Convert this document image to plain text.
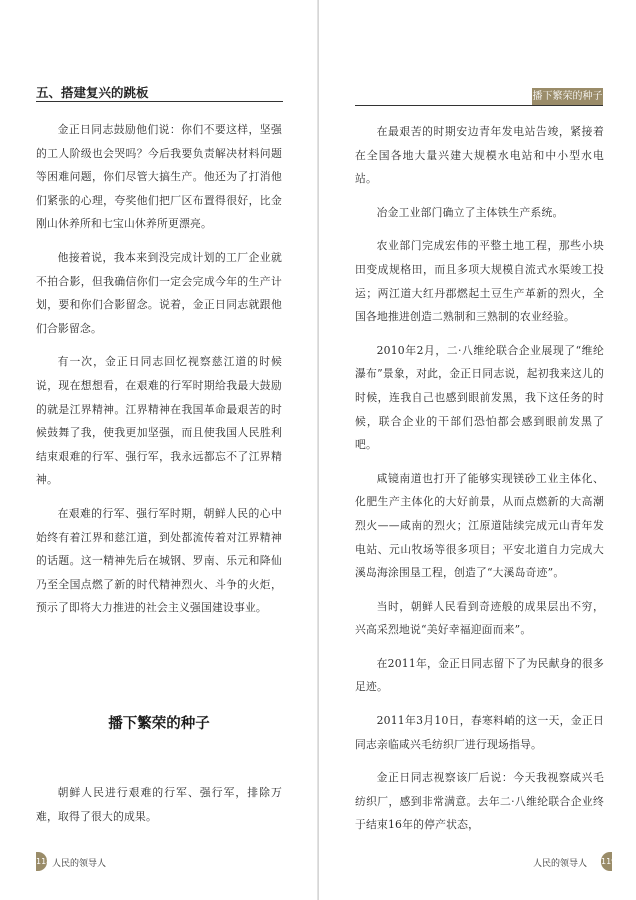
五、搭建复兴的跳板

金正日同志鼓励他们说：你们不要这样，坚强的工人阶级也会哭吗？今后我要负责解决材料问题等困难问题，你们尽管大搞生产。他还为了打消他们紧张的心理，夸奖他们把厂区布置得很好，比金刚山休养所和七宝山休养所更漂亮。

他接着说，我本来到没完成计划的工厂企业就不拍合影，但我确信你们一定会完成今年的生产计划，要和你们合影留念。说着，金正日同志就跟他们合影留念。

有一次，金正日同志回忆视察慈江道的时候说，现在想想看，在艰难的行军时期给我最大鼓励的就是江界精神。江界精神在我国革命最艰苦的时候鼓舞了我，使我更加坚强，而且使我国人民胜利结束艰难的行军、强行军，我永远都忘不了江界精神。

在艰难的行军、强行军时期，朝鲜人民的心中始终有着江界和慈江道，到处都流传着对江界精神的话题。这一精神先后在城钢、罗南、乐元和降仙乃至全国点燃了新的时代精神烈火、斗争的火炬，预示了即将大力推进的社会主义强国建设事业。

播下繁荣的种子

朝鲜人民进行艰难的行军、强行军，排除万难，取得了很大的成果。

118 人民的领导人
播下繁荣的种子

在最艰苦的时期安边青年发电站告竣，紧接着在全国各地大量兴建大规模水电站和中小型水电站。

冶金工业部门确立了主体铁生产系统。

农业部门完成宏伟的平整土地工程，那些小块田变成规格田，而且多项大规模自流式水渠竣工投运；两江道大红丹郡燃起土豆生产革新的烈火，全国各地推进创造二熟制和三熟制的农业经验。

2010年2月，二·八维纶联合企业展现了“维纶瀑布”景象，对此，金正日同志说，起初我来这儿的时候，连我自己也感到眼前发黑，我下这任务的时候，联合企业的干部们恐怕都会感到眼前发黑了吧。

咸镜南道也打开了能够实现镁砂工业主体化、化肥生产主体化的大好前景，从而点燃新的大高潮烈火——咸南的烈火；江原道陆续完成元山青年发电站、元山牧场等很多项目；平安北道自力完成大溪岛海涂围垦工程，创造了“大溪岛奇迹”。

当时，朝鲜人民看到奇迹般的成果层出不穷，兴高采烈地说“美好幸福迎面而来”。

在2011年，金正日同志留下了为民献身的很多足迹。

2011年3月10日，春寒料峭的这一天，金正日同志亲临咸兴毛纺织厂进行现场指导。

金正日同志视察该厂后说：今天我视察咸兴毛纺织厂，感到非常满意。去年二·八维纶联合企业终于结束16年的停产状态，

人民的领导人 119
